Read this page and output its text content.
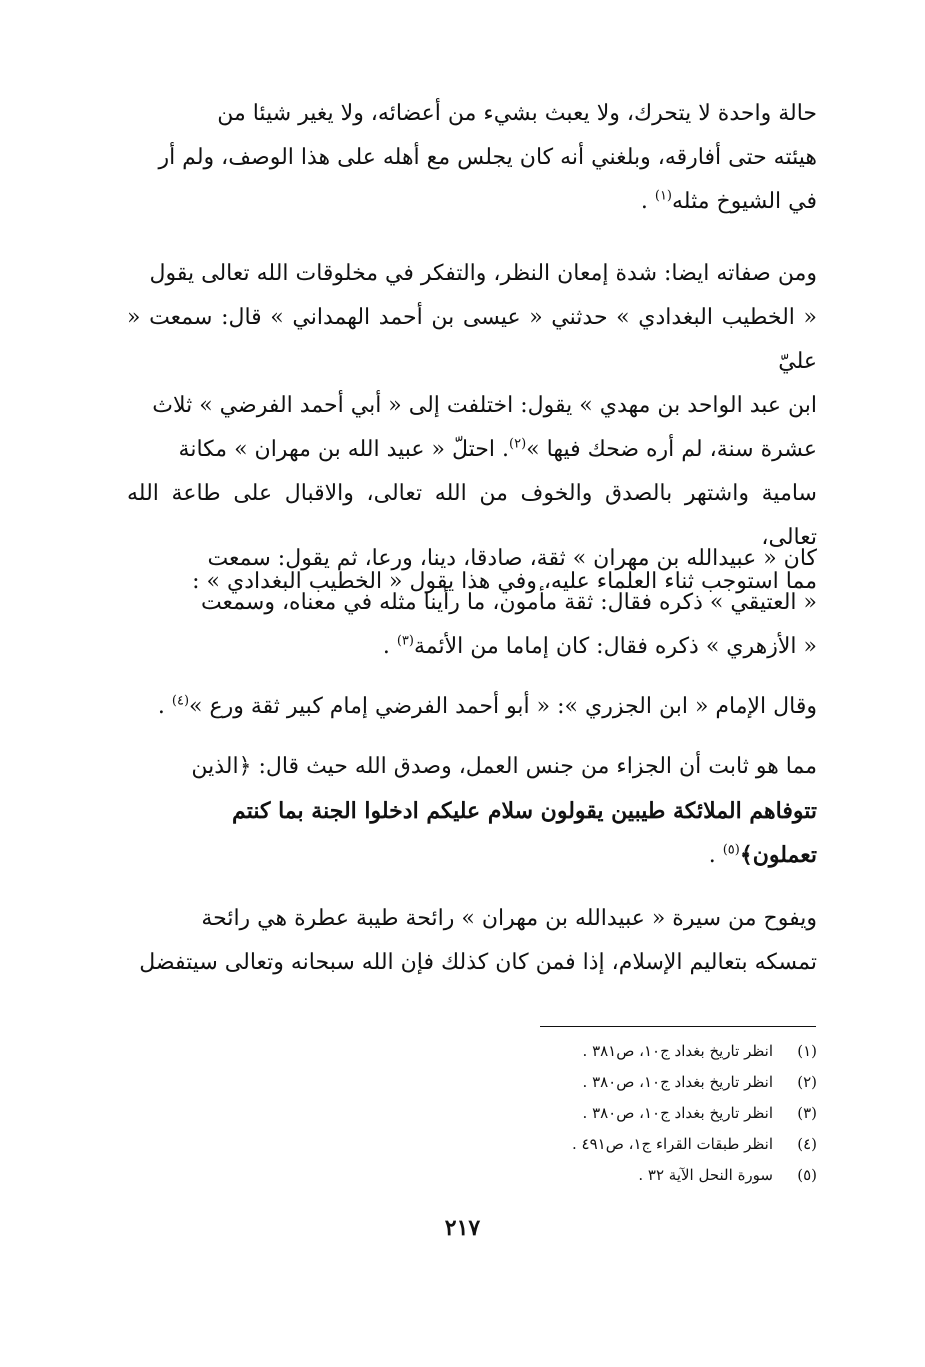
حالة واحدة لا يتحرك، ولا يعبث بشيء من أعضائه، ولا يغير شيئا من
هيئته حتى أفارقه، وبلغني أنه كان يجلس مع أهله على هذا الوصف، ولم أر
في الشيوخ مثله$^{(١)}$ .
ومن صفاته ايضا: شدة إمعان النظر، والتفكر في مخلوقات الله تعالى يقول
« الخطيب البغدادي » حدثني « عيسى بن أحمد الهمداني » قال: سمعت « عليّ
ابن عبد الواحد بن مهدي » يقول: اختلفت إلى « أبي أحمد الفرضي » ثلاث
عشرة سنة، لم أره ضحك فيها »$^{(٢)}$. احتلّ « عبيد الله بن مهران » مكانة
سامية واشتهر بالصدق والخوف من الله تعالى، والاقبال على طاعة الله تعالى،
مما استوجب ثناء العلماء عليه، وفي هذا يقول « الخطيب البغدادي » :
كان « عبيدالله بن مهران » ثقة، صادقا، دينا، ورعا، ثم يقول: سمعت
« العتيقي » ذكره فقال: ثقة مأمون، ما رأينا مثله في معناه، وسمعت
« الأزهري » ذكره فقال: كان إماما من الأئمة$^{(٣)}$ .
وقال الإمام « ابن الجزري »: « أبو أحمد الفرضي إمام كبير ثقة ورع »$^{(٤)}$ .
مما هو ثابت أن الجزاء من جنس العمل، وصدق الله حيث قال: ﴿الذين
تتوفاهم الملائكة طيبين يقولون سلام عليكم ادخلوا الجنة بما كنتم
تعملون﴾$^{(٥)}$ .
ويفوح من سيرة « عبيدالله بن مهران » رائحة طيبة عطرة هي رائحة
تمسكه بتعاليم الإسلام، إذا فمن كان كذلك فإن الله سبحانه وتعالى سيتفضل
(١)
انظر تاريخ بغداد ج١٠، ص٣٨١ .
(٢)
انظر تاريخ بغداد ج١٠، ص٣٨٠ .
(٣)
انظر تاريخ بغداد ج١٠، ص٣٨٠ .
(٤)
انظر طبقات القراء ج١، ص٤٩١ .
(٥)
سورة النحل الآية ٣٢ .
٢١٧
